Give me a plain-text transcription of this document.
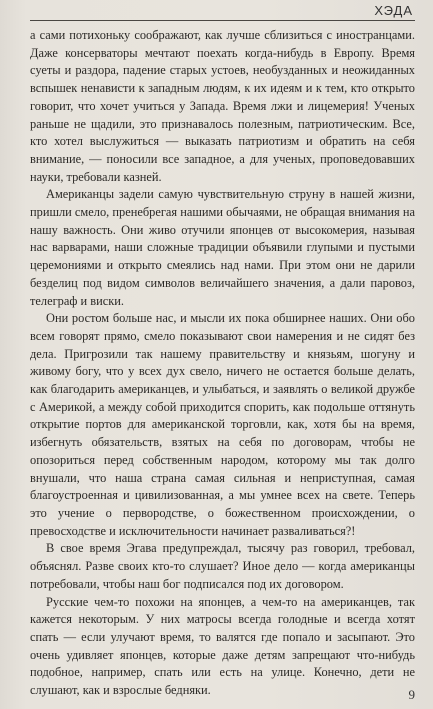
ХЭДА

а сами потихоньку соображают, как лучше сблизиться с иностранцами. Даже консерваторы мечтают поехать когда-нибудь в Европу. Время суеты и раздора, падение старых устоев, необузданных и неожиданных вспышек ненависти к западным людям, к их идеям и к тем, кто открыто говорит, что хочет учиться у Запада. Время лжи и лицемерия! Ученых раньше не щадили, это признавалось полезным, патриотическим. Все, кто хотел выслужиться — выказать патриотизм и обратить на себя внимание, — поносили все западное, а для ученых, проповедовавших науки, требовали казней.

Американцы задели самую чувствительную струну в нашей жизни, пришли смело, пренебрегая нашими обычаями, не обращая внимания на нашу важность. Они живо отучили японцев от высокомерия, называя нас варварами, наши сложные традиции объявили глупыми и пустыми церемониями и открыто смеялись над нами. При этом они не дарили безделиц под видом символов величайшего значения, а дали паровоз, телеграф и виски.

Они ростом больше нас, и мысли их пока обширнее наших. Они обо всем говорят прямо, смело показывают свои намерения и не сидят без дела. Пригрозили так нашему правительству и князьям, шогуну и живому богу, что у всех дух свело, ничего не остается больше делать, как благодарить американцев, и улыбаться, и заявлять о великой дружбе с Америкой, а между собой приходится спорить, как подольше оттянуть открытие портов для американской торговли, как, хотя бы на время, избегнуть обязательств, взятых на себя по договорам, чтобы не опозориться перед собственным народом, которому мы так долго внушали, что наша страна самая сильная и неприступная, самая благоустроенная и цивилизованная, а мы умнее всех на свете. Теперь это учение о первородстве, о божественном происхождении, о превосходстве и исключительности начинает разваливаться?!

В свое время Эгава предупреждал, тысячу раз говорил, требовал, объяснял. Разве своих кто-то слушает? Иное дело — когда американцы потребовали, чтобы наш бог подписался под их договором.

Русские чем-то похожи на японцев, а чем-то на американцев, так кажется некоторым. У них матросы всегда голодные и всегда хотят спать — если улучают время, то валятся где попало и засыпают. Это очень удивляет японцев, которые даже детям запрещают что-нибудь подобное, например, спать или есть на улице. Конечно, дети не слушают, как и взрослые бедняки.	9
